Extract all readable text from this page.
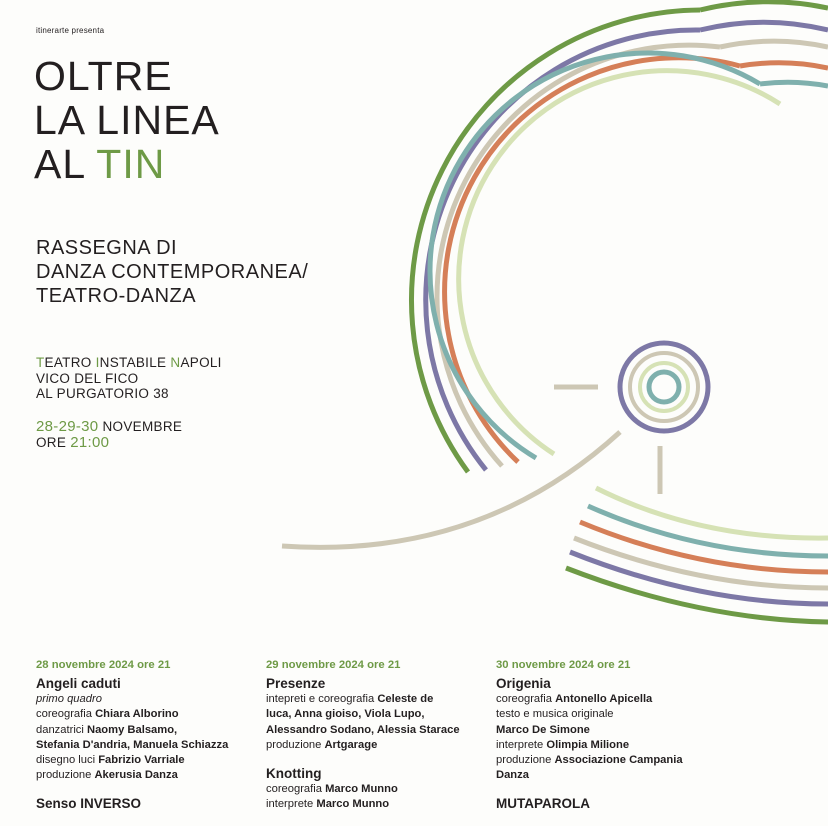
itinerarte presenta
OLTRE
LA LINEA
AL TIN
RASSEGNA DI
DANZA CONTEMPORANEA/
TEATRO-DANZA
TEATRO INSTABILE NAPOLI
VICO DEL FICO
AL PURGATORIO 38
28-29-30 NOVEMBRE
ORE 21:00
28 novembre 2024 ore 21
Angeli caduti
primo quadro
coreografia Chiara Alborino
danzatrici Naomy Balsamo,
Stefania D'andria, Manuela Schiazza
disegno luci Fabrizio Varriale
produzione Akerusia Danza
Senso INVERSO
29 novembre 2024 ore 21
Presenze
intepreti e coreografia Celeste de
luca, Anna gioiso, Viola Lupo,
Alessandro Sodano, Alessia Starace
produzione Artgarage
Knotting
coreografia Marco Munno
interprete Marco Munno
30 novembre 2024 ore 21
Origenia
coreografia Antonello Apicella
testo e musica originale
Marco De Simone
interprete Olimpia Milione
produzione Associazione Campania
Danza
MUTAPAROLA
